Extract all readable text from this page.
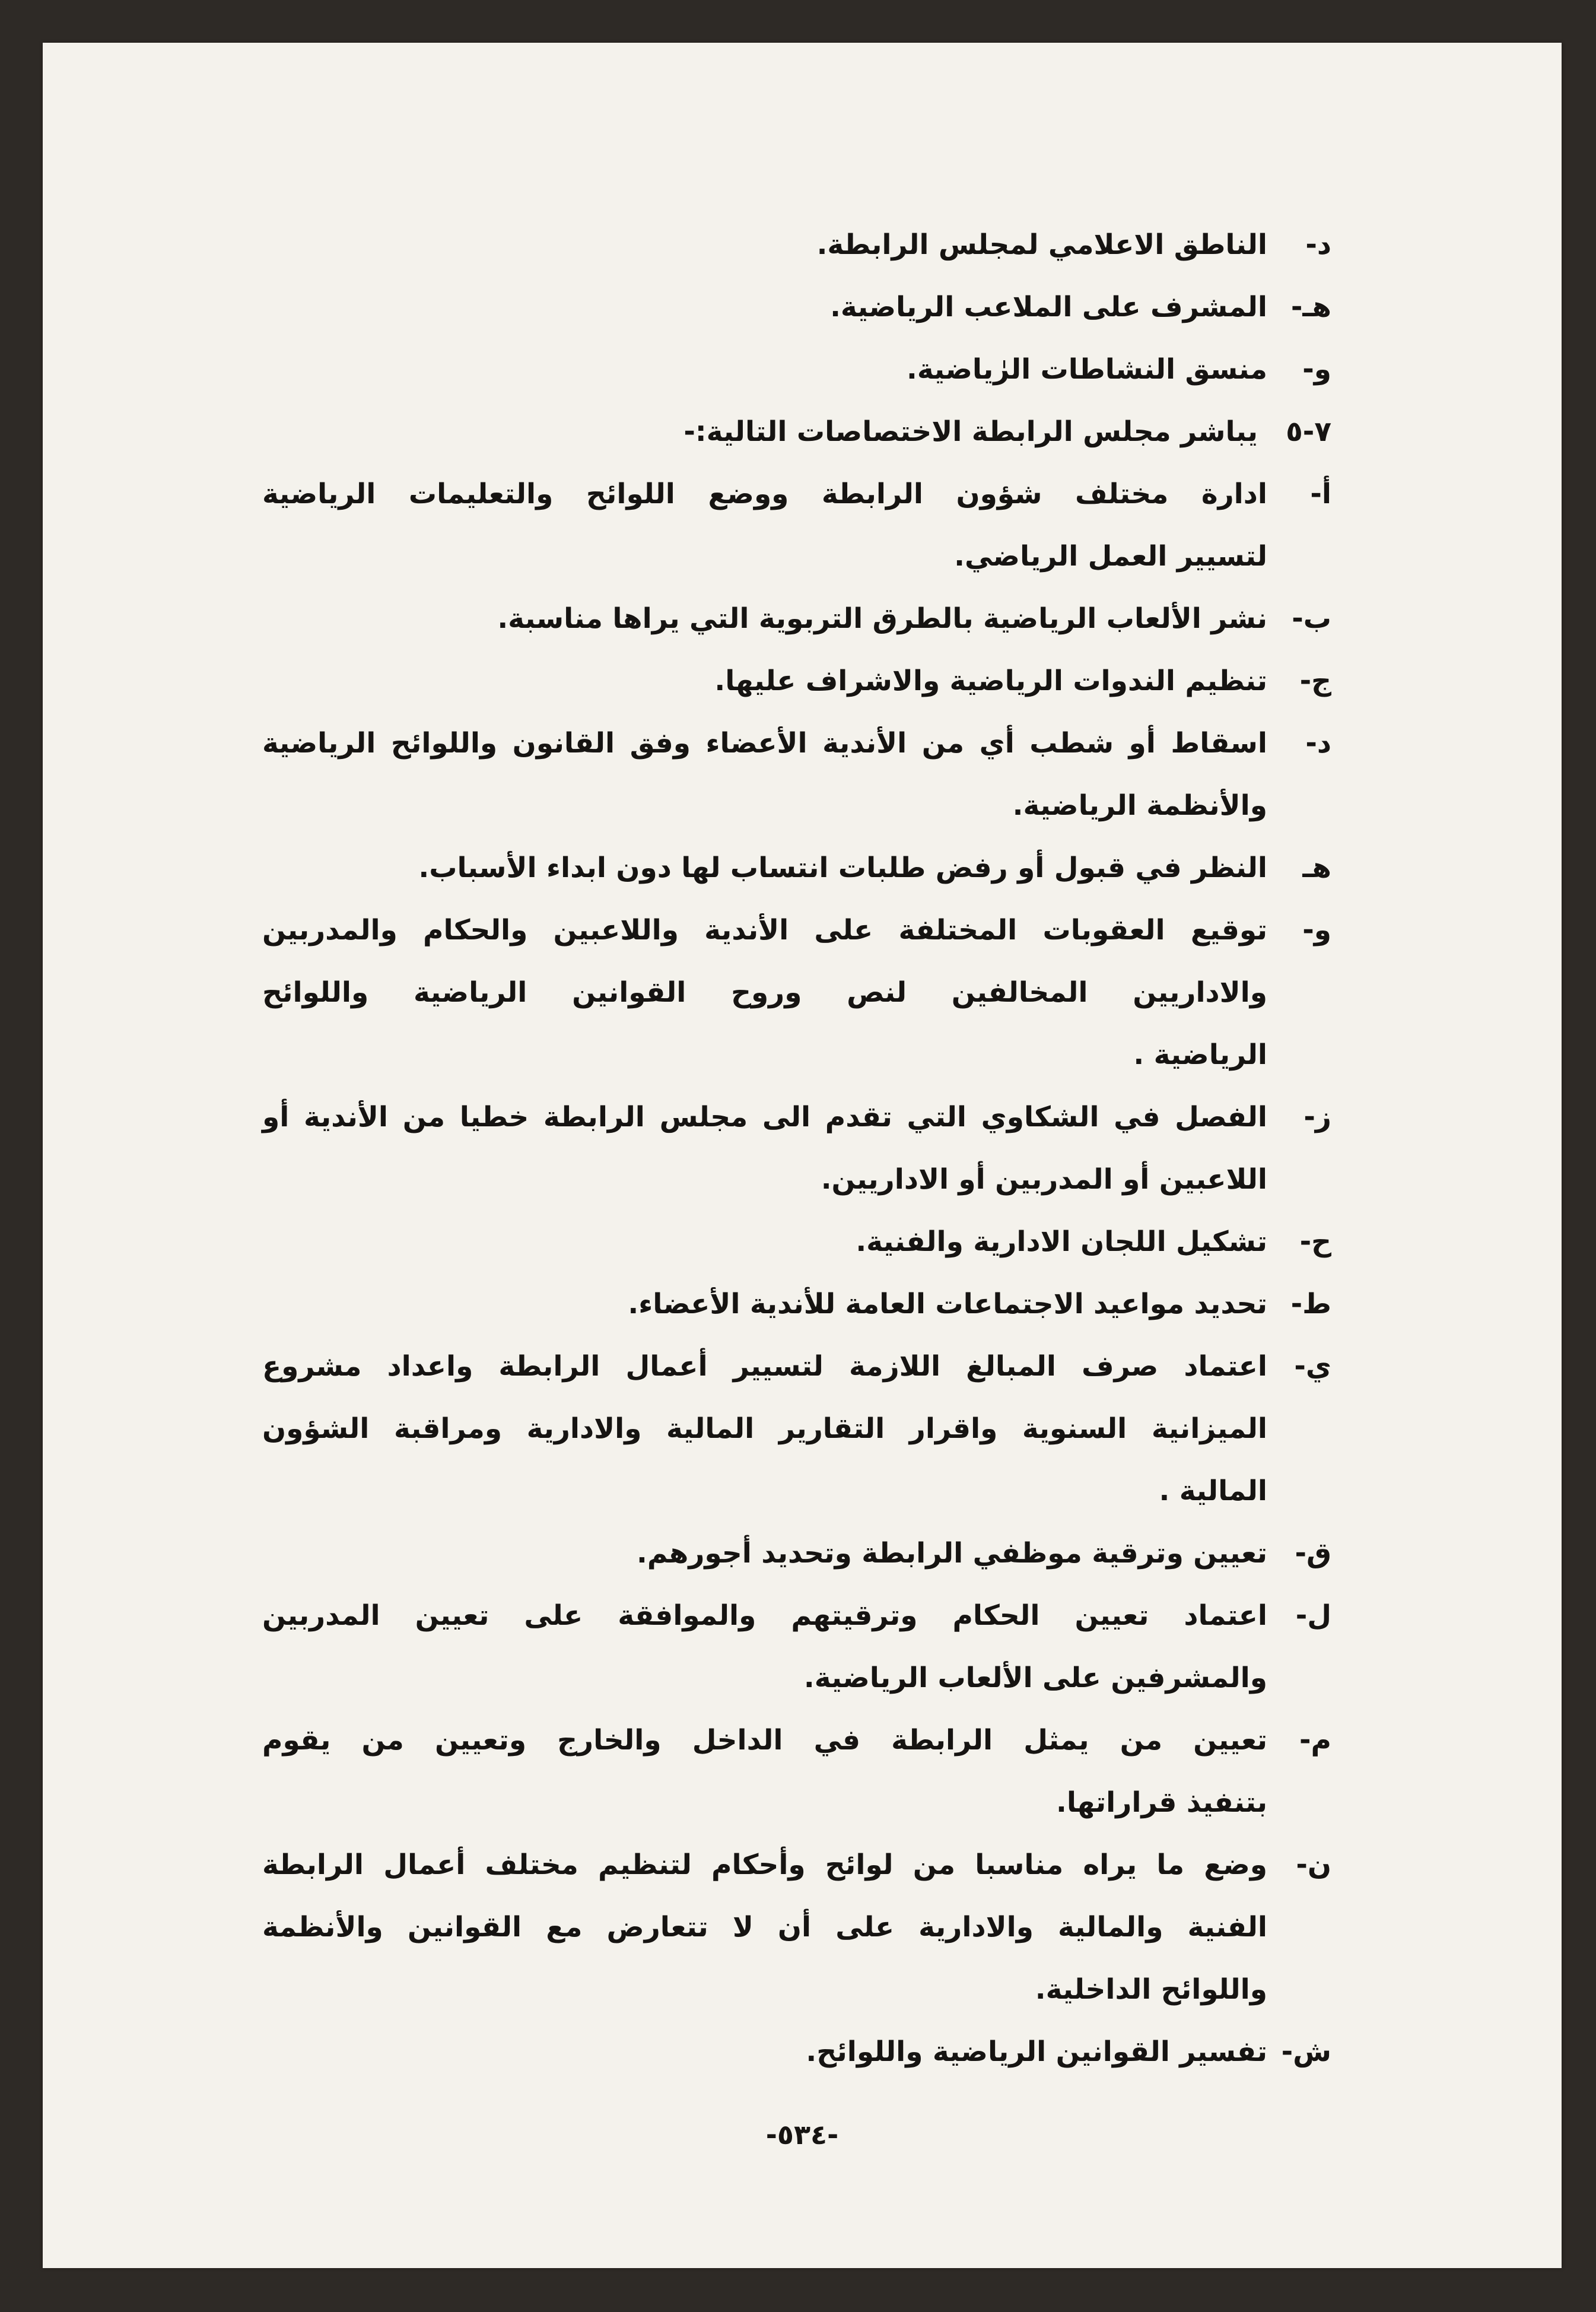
د-
الناطق الاعلامي لمجلس الرابطة.
هـ-
المشرف على الملاعب الرياضية.
و-
منسق النشاطات الرٰياضية.
٧-٥
يباشر مجلس الرابطة الاختصاصات التالية:-
أ-
ادارة مختلف شؤون الرابطة ووضع اللوائح والتعليمات الرياضية
لتسيير العمل الرياضي.
ب-
نشر الألعاب الرياضية بالطرق التربوية التي يراها مناسبة.
ج-
تنظيم الندوات الرياضية والاشراف عليها.
د-
اسقاط أو شطب أي من الأندية الأعضاء وفق القانون واللوائح الرياضية
والأنظمة الرياضية.
هـ
النظر في قبول أو رفض طلبات انتساب لها دون ابداء الأسباب.
و-
توقيع العقوبات المختلفة على الأندية واللاعبين والحكام والمدربين
والاداريين المخالفين لنص وروح القوانين الرياضية واللوائح
الرياضية .
ز-
الفصل في الشكاوي التي تقدم الى مجلس الرابطة خطيا من الأندية أو
اللاعبين أو المدربين أو الاداريين.
ح-
تشكيل اللجان الادارية والفنية.
ط-
تحديد مواعيد الاجتماعات العامة للأندية الأعضاء.
ي-
اعتماد صرف المبالغ اللازمة لتسيير أعمال الرابطة واعداد مشروع
الميزانية السنوية واقرار التقارير المالية والادارية ومراقبة الشؤون
المالية .
ق-
تعيين وترقية موظفي الرابطة وتحديد أجورهم.
ل-
اعتماد تعيين الحكام وترقيتهم والموافقة على تعيين المدربين
والمشرفين على الألعاب الرياضية.
م-
تعيين من يمثل الرابطة في الداخل والخارج وتعيين من يقوم
بتنفيذ قراراتها.
ن-
وضع ما يراه مناسبا من لوائح وأحكام لتنظيم مختلف أعمال الرابطة
الفنية والمالية والادارية على أن لا تتعارض مع القوانين والأنظمة
واللوائح الداخلية.
ش-
تفسير القوانين الرياضية واللوائح.
-٥٣٤-
